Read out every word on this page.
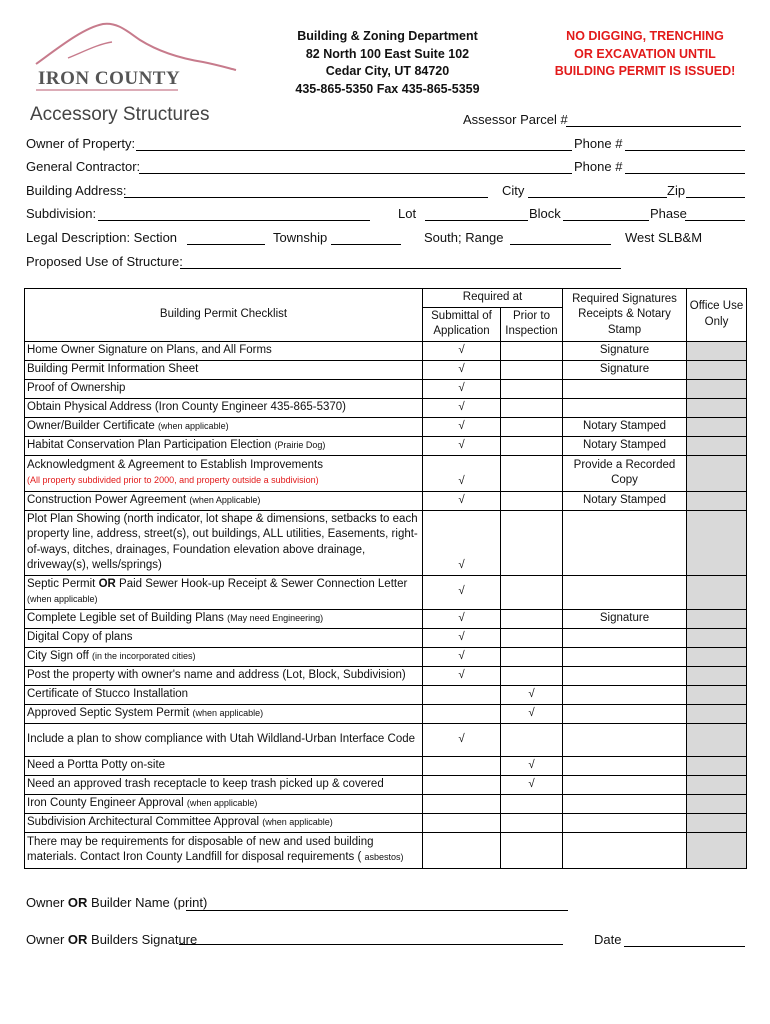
IRON COUNTY
Building & Zoning Department
82 North 100 East Suite 102
Cedar City, UT 84720
435-865-5350 Fax 435-865-5359
NO DIGGING, TRENCHING
OR EXCAVATION UNTIL
BUILDING PERMIT IS ISSUED!
Accessory Structures	Assessor Parcel #
Owner of Property:	Phone #
General Contractor:	Phone #
Building Address:	City	Zip
Subdivision:	Lot	Block	Phase
Legal Description: Section	Township	South; Range	West SLB&M
Proposed Use of Structure:
Building Permit Checklist	Required at		Required Signatures Receipts & Notary Stamp	Office Use Only
	Submittal of Application	Prior to Inspection		
Home Owner Signature on Plans, and All Forms	√		Signature	
Building Permit Information Sheet	√		Signature	
Proof of Ownership	√			
Obtain Physical Address (Iron County Engineer 435-865-5370)	√			
Owner/Builder Certificate (when applicable)	√		Notary Stamped	
Habitat Conservation Plan Participation Election (Prairie Dog)	√		Notary Stamped	
Acknowledgment & Agreement to Establish Improvements
(All property subdivided prior to 2000, and property outside a subdivision)	√		Provide a Recorded Copy	
Construction Power Agreement (when Applicable)	√		Notary Stamped	
Plot Plan Showing (north indicator, lot shape & dimensions, setbacks to each property line, address, street(s), out buildings, ALL utilities, Easements, right-of-ways, ditches, drainages, Foundation elevation above drainage, driveway(s), wells/springs)	√			
Septic Permit OR Paid Sewer Hook-up Receipt & Sewer Connection Letter
(when applicable)	√			
Complete Legible set of Building Plans (May need Engineering)	√		Signature	
Digital Copy of plans	√			
City Sign off (in the incorporated cities)	√			
Post the property with owner's name and address (Lot, Block, Subdivision)	√			
Certificate of Stucco Installation		√		
Approved Septic System Permit (when applicable)		√		
Include a plan to show compliance with Utah Wildland-Urban Interface Code	√			
Need a Portta Potty on-site		√		
Need an approved trash receptacle to keep trash picked up & covered		√		
Iron County Engineer Approval (when applicable)				
Subdivision Architectural Committee Approval (when applicable)				
There may be requirements for disposable of new and used building materials. Contact Iron County Landfill for disposal requirements ( asbestos)				
Owner OR Builder Name (print)
Owner OR Builders Signature	Date
